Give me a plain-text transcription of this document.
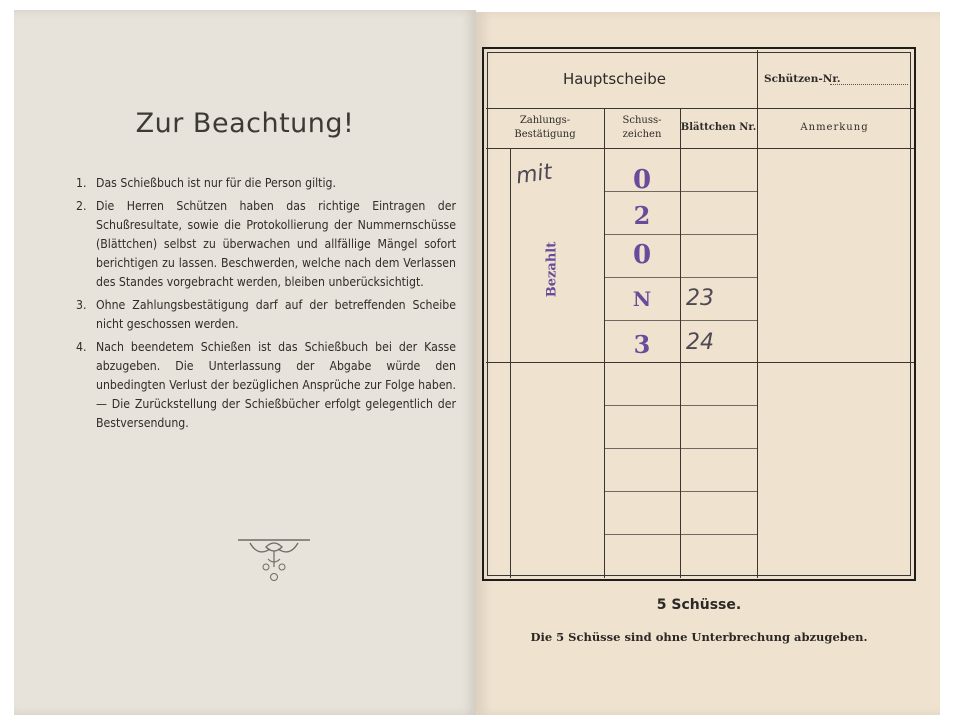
Zur Beachtung!
1. Das Schießbuch ist nur für die Person giltig.
2. Die Herren Schützen haben das richtige Eintragen der Schußresultate, sowie die Protokollierung der Nummernschüsse (Blättchen) selbst zu überwachen und allfällige Mängel sofort berichtigen zu lassen. Beschwerden, welche nach dem Verlassen des Standes vorgebracht werden, bleiben unberücksichtigt.
3. Ohne Zahlungsbestätigung darf auf der betreffenden Scheibe nicht geschossen werden.
4. Nach beendetem Schießen ist das Schießbuch bei der Kasse abzugeben. Die Unterlassung der Abgabe würde den unbedingten Verlust der bezüglichen Ansprüche zur Folge haben. — Die Zurückstellung der Schießbücher erfolgt gelegentlich der Bestversendung.
Hauptscheibe	Schützen-Nr.
Zahlungs-
Bestätigung
Schuss-
zeichen
Blättchen Nr.	Anmerkung
mit
Bezahlt
0
2
0
N
3
23
24
5 Schüsse.
Die 5 Schüsse sind ohne Unterbrechung abzugeben.
